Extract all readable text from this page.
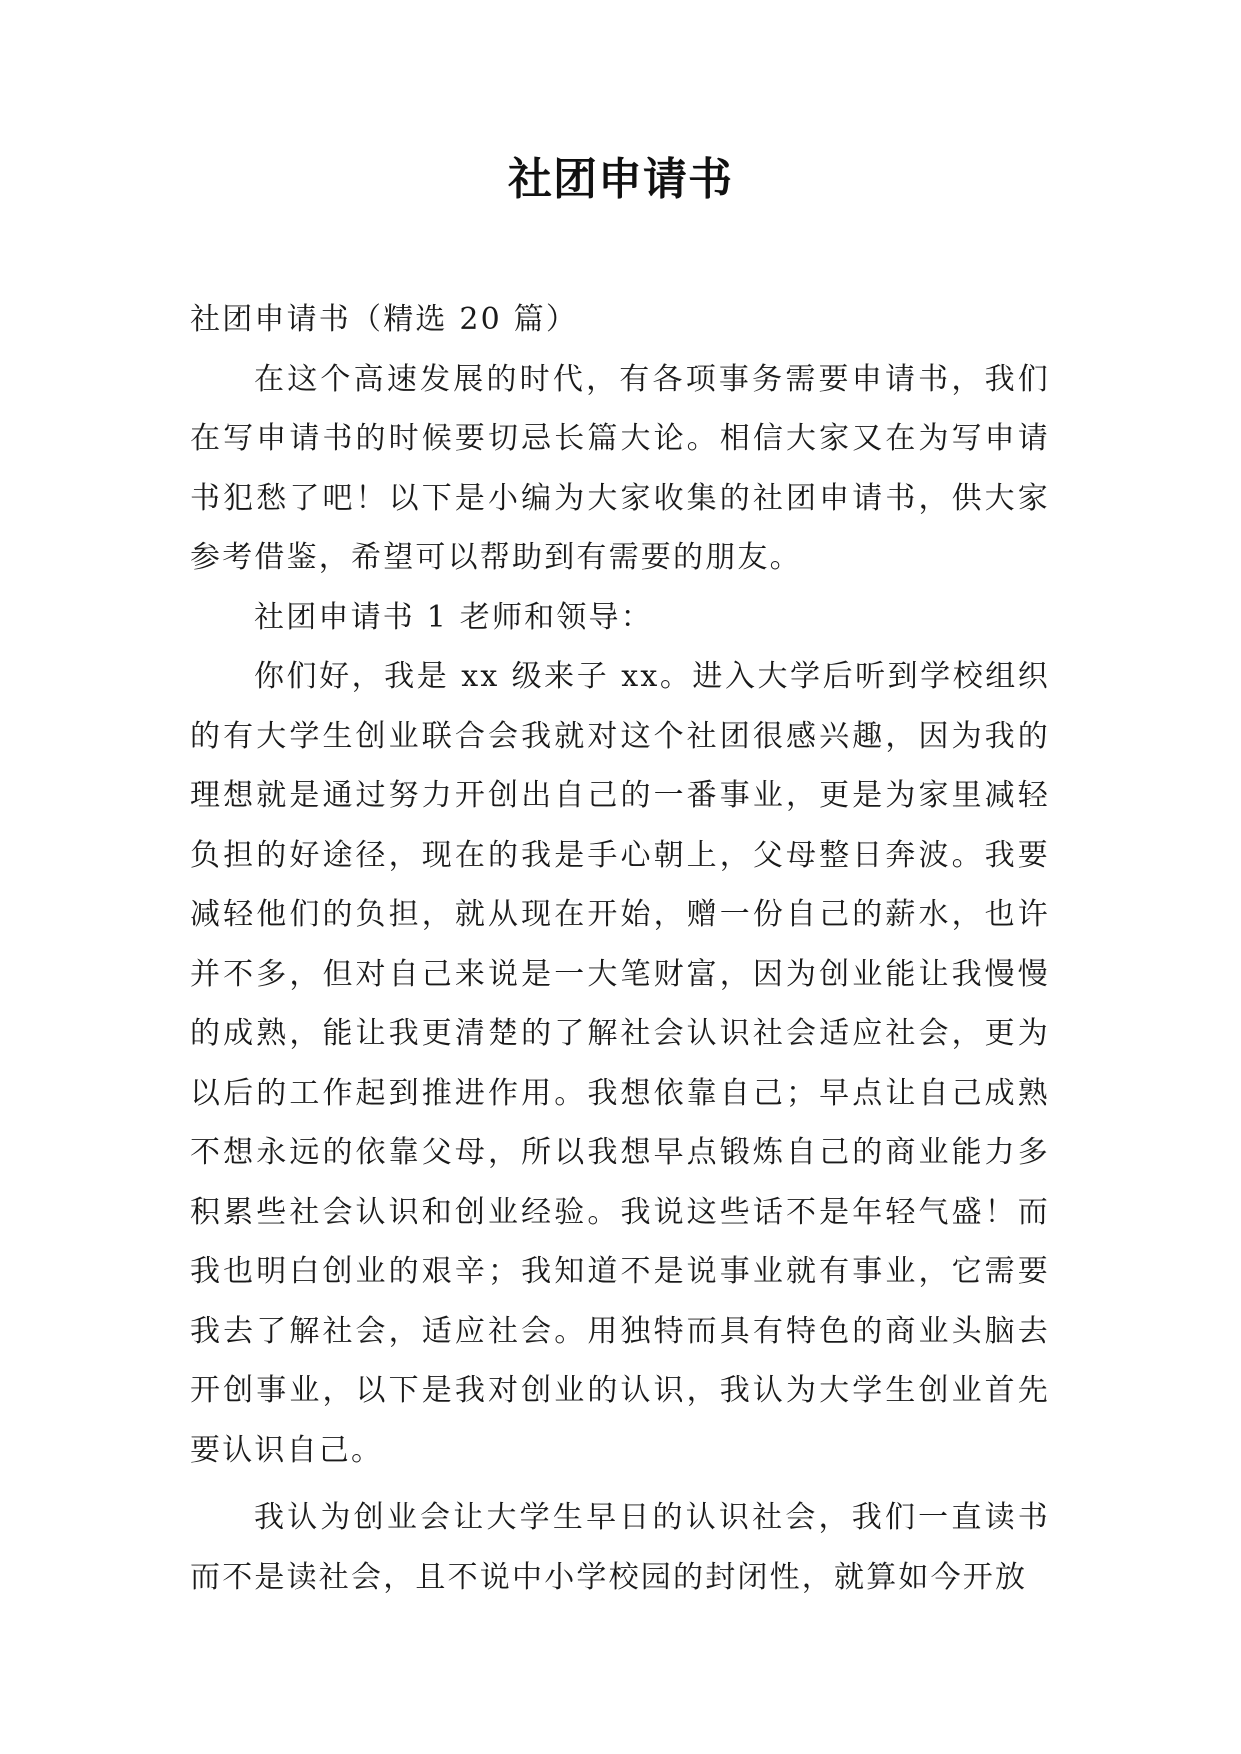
社团申请书

社团申请书（精选 20 篇）

在这个高速发展的时代，有各项事务需要申请书，我们在写申请书的时候要切忌长篇大论。相信大家又在为写申请书犯愁了吧！以下是小编为大家收集的社团申请书，供大家参考借鉴，希望可以帮助到有需要的朋友。

社团申请书 1 老师和领导：

你们好，我是 xx 级来子 xx。进入大学后听到学校组织的有大学生创业联合会我就对这个社团很感兴趣，因为我的理想就是通过努力开创出自己的一番事业，更是为家里减轻负担的好途径，现在的我是手心朝上，父母整日奔波。我要减轻他们的负担，就从现在开始，赠一份自己的薪水，也许并不多，但对自己来说是一大笔财富，因为创业能让我慢慢的成熟，能让我更清楚的了解社会认识社会适应社会，更为以后的工作起到推进作用。我想依靠自己；早点让自己成熟不想永远的依靠父母，所以我想早点锻炼自己的商业能力多积累些社会认识和创业经验。我说这些话不是年轻气盛！而我也明白创业的艰辛；我知道不是说事业就有事业，它需要我去了解社会，适应社会。用独特而具有特色的商业头脑去开创事业，以下是我对创业的认识，我认为大学生创业首先要认识自己。

我认为创业会让大学生早日的认识社会，我们一直读书而不是读社会，且不说中小学校园的封闭性，就算如今开放
